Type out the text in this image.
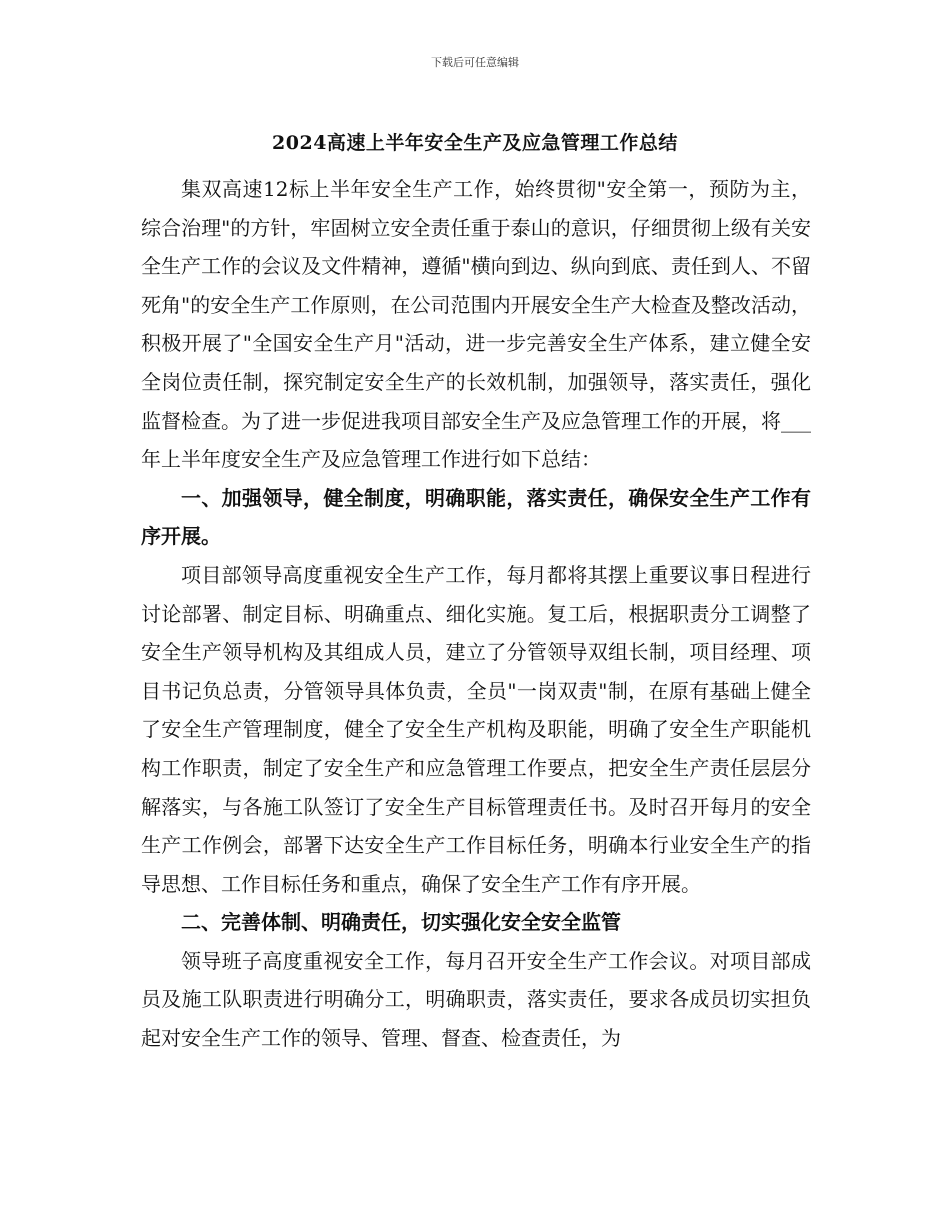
下载后可任意编辑
2024高速上半年安全生产及应急管理工作总结

集双高速12标上半年安全生产工作，始终贯彻"安全第一，预防为主，综合治理"的方针，牢固树立安全责任重于泰山的意识，仔细贯彻上级有关安全生产工作的会议及文件精神，遵循"横向到边、纵向到底、责任到人、不留死角"的安全生产工作原则，在公司范围内开展安全生产大检查及整改活动，积极开展了"全国安全生产月"活动，进一步完善安全生产体系，建立健全安全岗位责任制，探究制定安全生产的长效机制，加强领导，落实责任，强化监督检查。为了进一步促进我项目部安全生产及应急管理工作的开展，将___年上半年度安全生产及应急管理工作进行如下总结：

一、加强领导，健全制度，明确职能，落实责任，确保安全生产工作有序开展。

项目部领导高度重视安全生产工作，每月都将其摆上重要议事日程进行讨论部署、制定目标、明确重点、细化实施。复工后，根据职责分工调整了安全生产领导机构及其组成人员，建立了分管领导双组长制，项目经理、项目书记负总责，分管领导具体负责，全员"一岗双责"制，在原有基础上健全了安全生产管理制度，健全了安全生产机构及职能，明确了安全生产职能机构工作职责，制定了安全生产和应急管理工作要点，把安全生产责任层层分解落实，与各施工队签订了安全生产目标管理责任书。及时召开每月的安全生产工作例会，部署下达安全生产工作目标任务，明确本行业安全生产的指导思想、工作目标任务和重点，确保了安全生产工作有序开展。

二、完善体制、明确责任，切实强化安全安全监管

领导班子高度重视安全工作，每月召开安全生产工作会议。对项目部成员及施工队职责进行明确分工，明确职责，落实责任，要求各成员切实担负起对安全生产工作的领导、管理、督查、检查责任，为
